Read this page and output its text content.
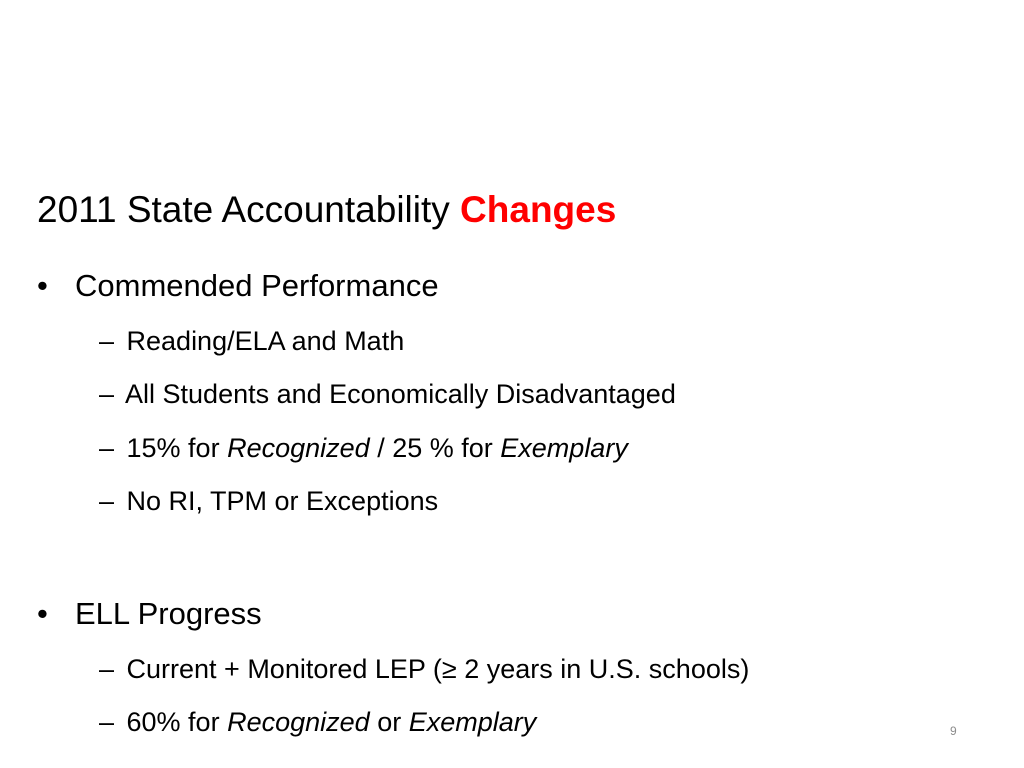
2011 State Accountability Changes
• Commended Performance
– Reading/ELA and Math
– All Students and Economically Disadvantaged
– 15% for Recognized / 25 % for Exemplary
– No RI, TPM or Exceptions
• ELL Progress
– Current + Monitored LEP (≥ 2 years in U.S. schools)
– 60% for Recognized or Exemplary	9
